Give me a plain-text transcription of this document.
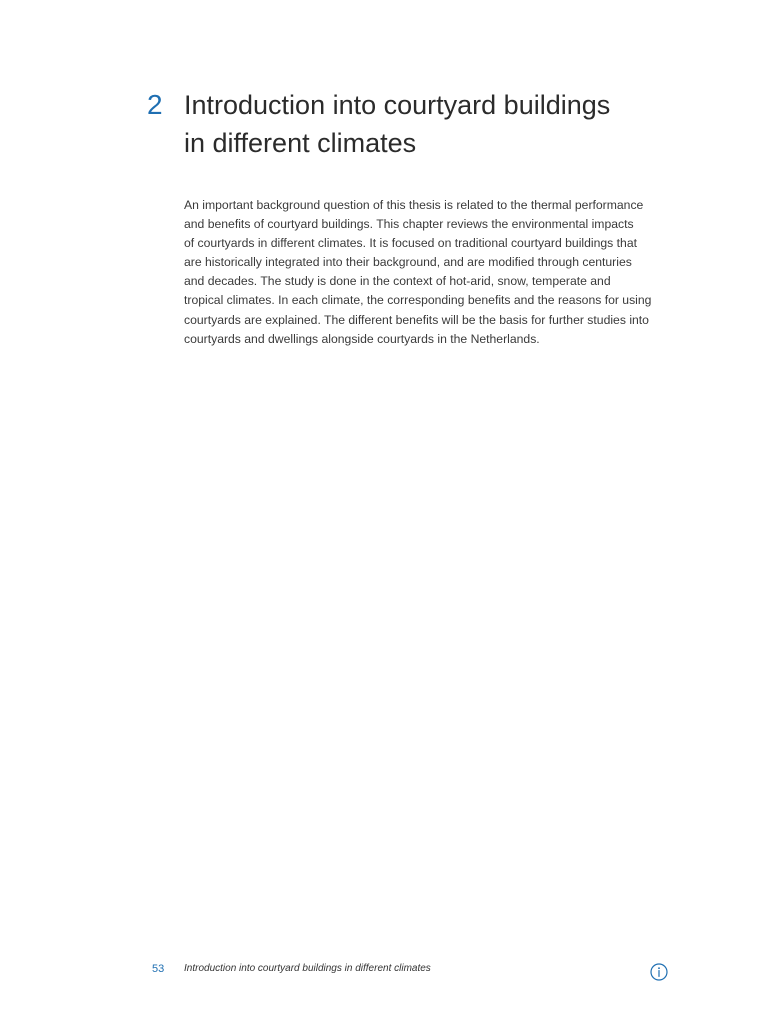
2 Introduction into courtyard buildings
in different climates

An important background question of this thesis is related to the thermal performance
and benefits of courtyard buildings. This chapter reviews the environmental impacts
of courtyards in different climates. It is focused on traditional courtyard buildings that
are historically integrated into their background, and are modified through centuries
and decades. The study is done in the context of hot-arid, snow, temperate and
tropical climates. In each climate, the corresponding benefits and the reasons for using
courtyards are explained. The different benefits will be the basis for further studies into
courtyards and dwellings alongside courtyards in the Netherlands.

53 Introduction into courtyard buildings in different climates
